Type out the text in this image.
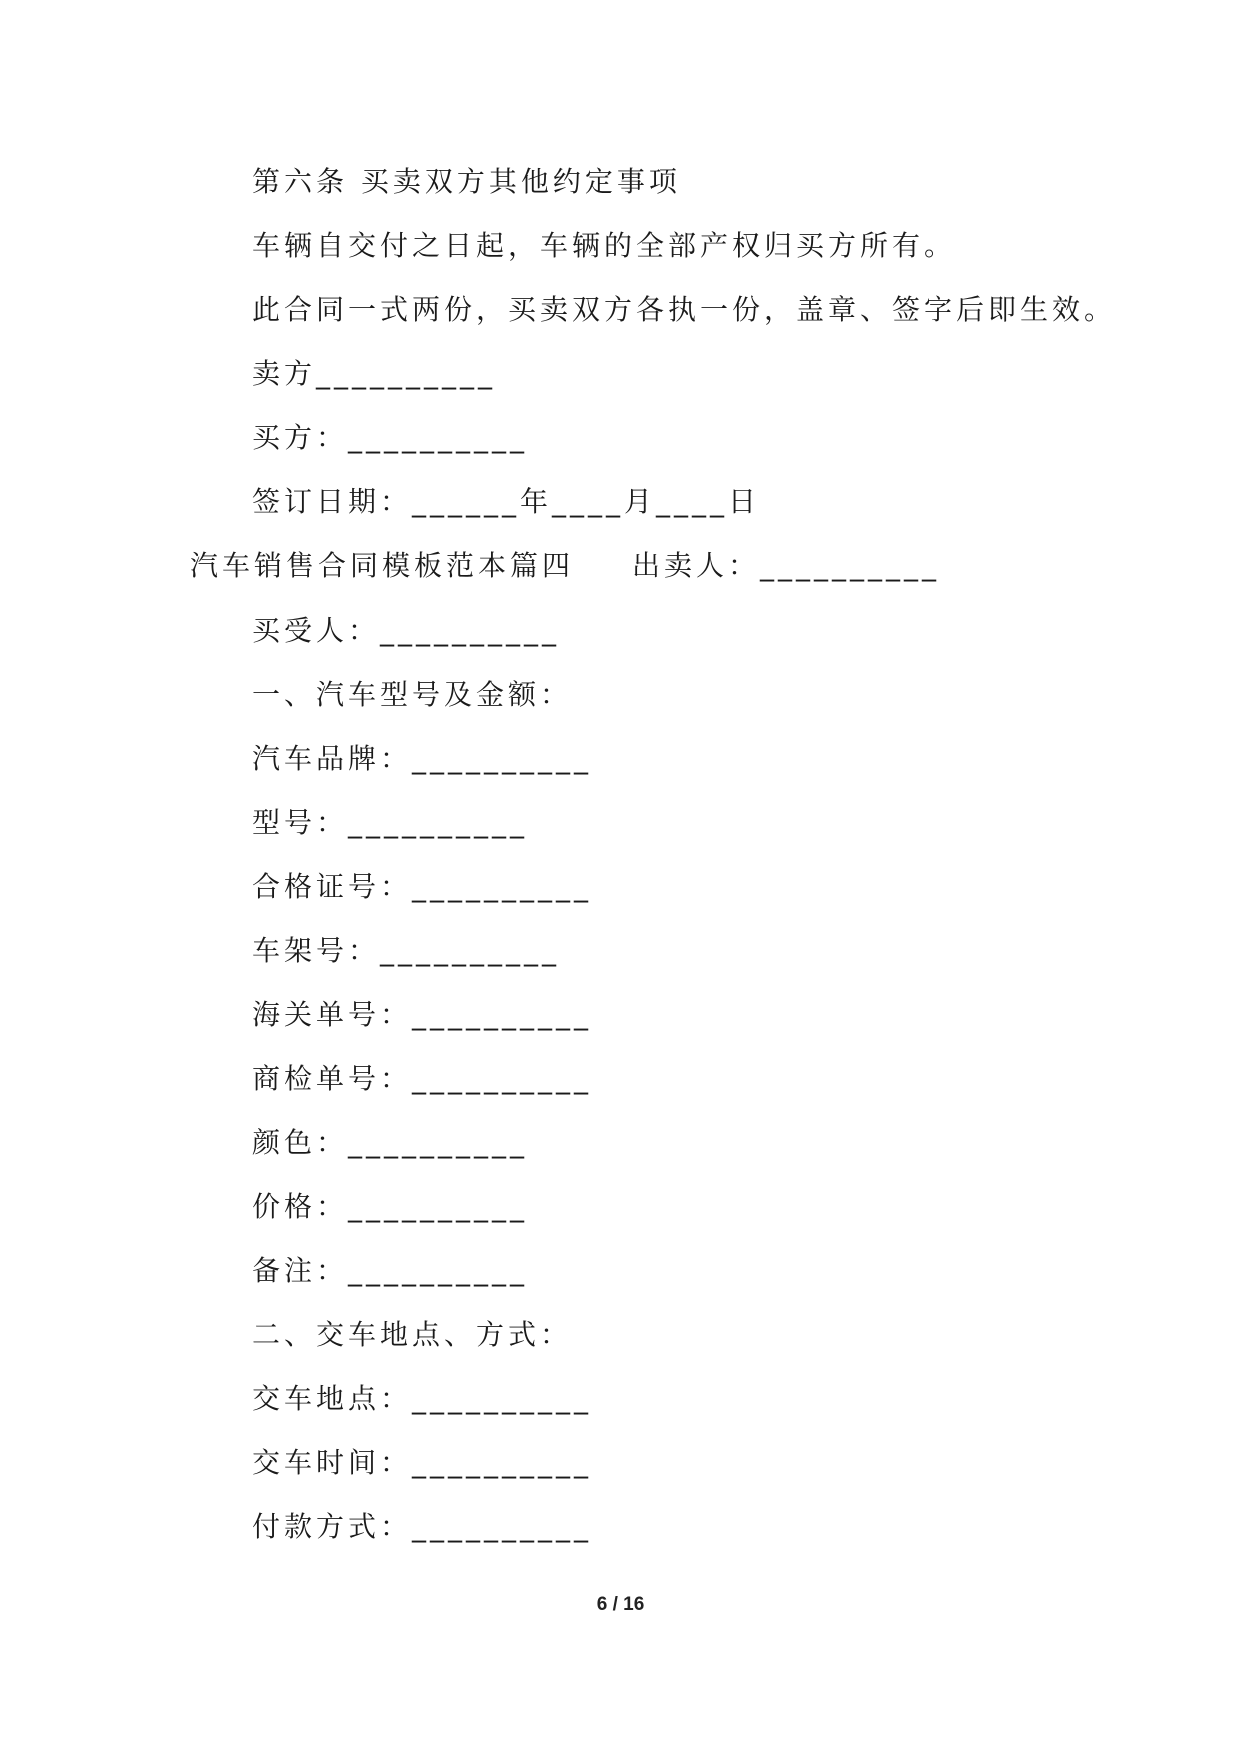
第六条 买卖双方其他约定事项
车辆自交付之日起，车辆的全部产权归买方所有。
此合同一式两份，买卖双方各执一份，盖章、签字后即生效。
卖方__________
买方：__________
签订日期：______年____月____日
汽车销售合同模板范本篇四 出卖人：__________
买受人：__________
一、汽车型号及金额：
汽车品牌：__________
型号：__________
合格证号：__________
车架号：__________
海关单号：__________
商检单号：__________
颜色：__________
价格：__________
备注：__________
二、交车地点、方式：
交车地点：__________
交车时间：__________
付款方式：__________
6 / 16
